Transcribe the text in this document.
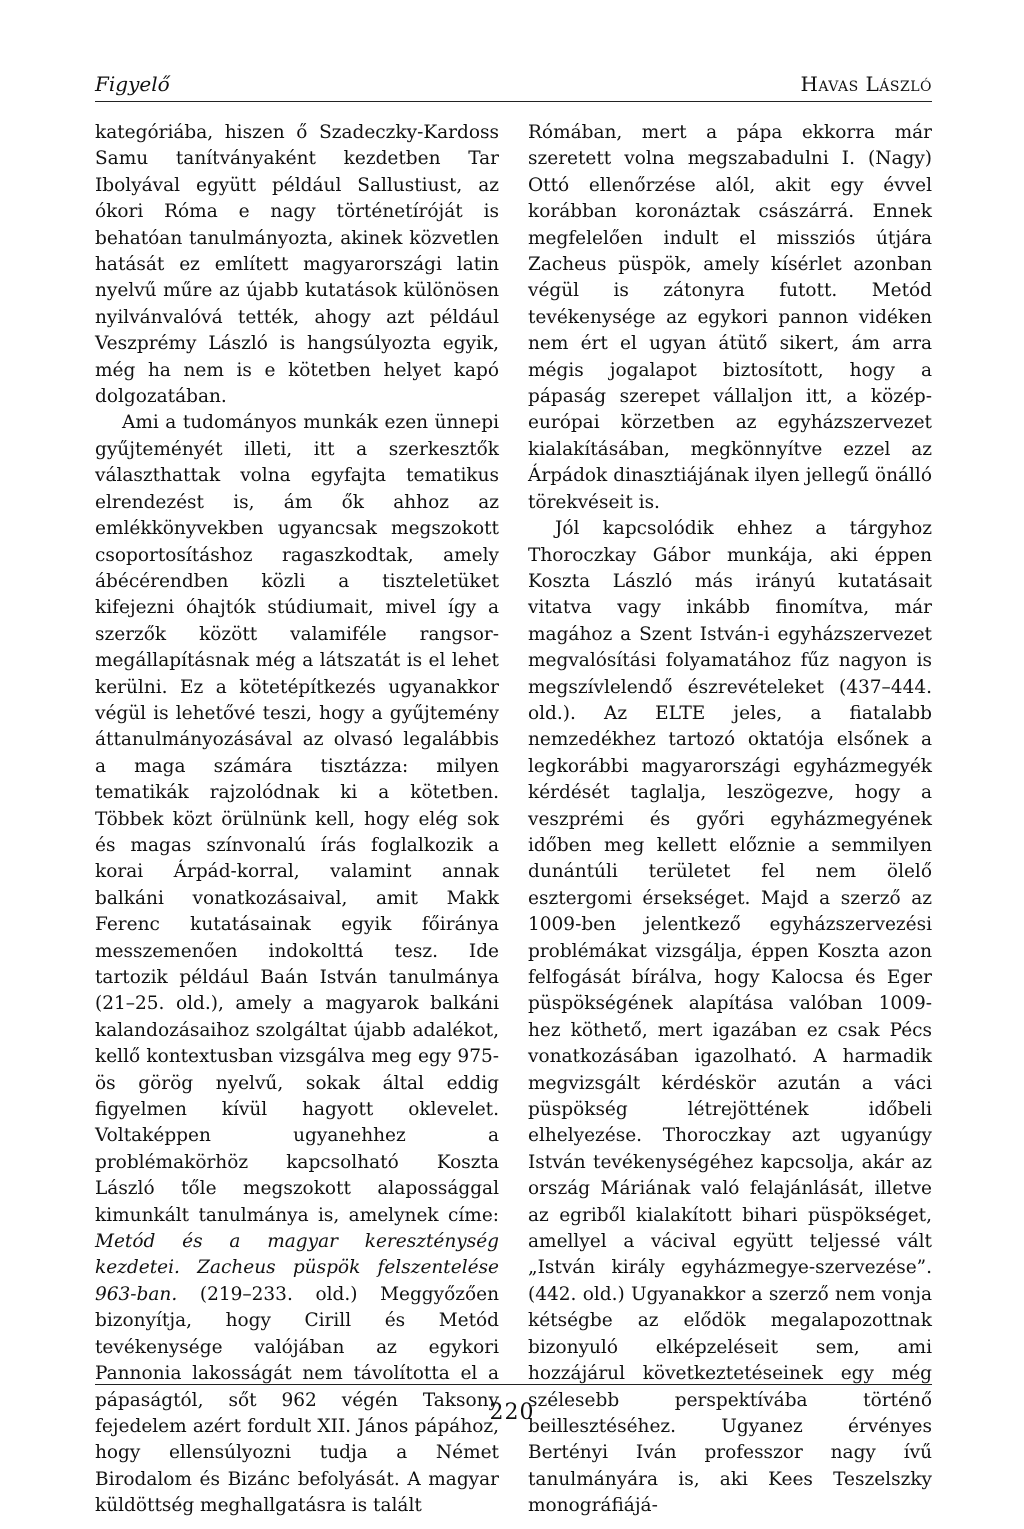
Figyelő	Havas László

kategóriába, hiszen ő Szadeczky-Kardoss Samu tanítványaként kezdetben Tar Ibolyával együtt például Sallustiust, az ókori Róma e nagy történetíróját is behatóan tanulmányozta, akinek közvetlen hatását ez említett magyarországi latin nyelvű műre az újabb kutatások különösen nyilvánvalóvá tették, ahogy azt például Veszprémy László is hangsúlyozta egyik, még ha nem is e kötetben helyet kapó dolgozatában.

Ami a tudományos munkák ezen ünnepi gyűjteményét illeti, itt a szerkesztők választhattak volna egyfajta tematikus elrendezést is, ám ők ahhoz az emlékkönyvekben ugyancsak megszokott csoportosításhoz ragaszkodtak, amely ábécérendben közli a tiszteletüket kifejezni óhajtók stúdiumait, mivel így a szerzők között valamiféle rangsor-megállapításnak még a látszatát is el lehet kerülni. Ez a kötetépítkezés ugyanakkor végül is lehetővé teszi, hogy a gyűjtemény áttanulmányozásával az olvasó legalábbis a maga számára tisztázza: milyen tematikák rajzolódnak ki a kötetben. Többek közt örülnünk kell, hogy elég sok és magas színvonalú írás foglalkozik a korai Árpád-korral, valamint annak balkáni vonatkozásaival, amit Makk Ferenc kutatásainak egyik főiránya messzemenően indokolttá tesz. Ide tartozik például Baán István tanulmánya (21–25. old.), amely a magyarok balkáni kalandozásaihoz szolgáltat újabb adalékot, kellő kontextusban vizsgálva meg egy 975-ös görög nyelvű, sokak által eddig figyelmen kívül hagyott oklevelet. Voltaképpen ugyanehhez a problémakörhöz kapcsolható Koszta László tőle megszokott alapossággal kimunkált tanulmánya is, amelynek címe: Metód és a magyar kereszténység kezdetei. Zacheus püspök felszentelése 963-ban. (219–233. old.) Meggyőzően bizonyítja, hogy Cirill és Metód tevékenysége valójában az egykori Pannonia lakosságát nem távolította el a pápaságtól, sőt 962 végén Taksony fejedelem azért fordult XII. János pápához, hogy ellensúlyozni tudja a Német Birodalom és Bizánc befolyását. A magyar küldöttség meghallgatásra is talált

Rómában, mert a pápa ekkorra már szeretett volna megszabadulni I. (Nagy) Ottó ellenőrzése alól, akit egy évvel korábban koronáztak császárrá. Ennek megfelelően indult el missziós útjára Zacheus püspök, amely kísérlet azonban végül is zátonyra futott. Metód tevékenysége az egykori pannon vidéken nem ért el ugyan átütő sikert, ám arra mégis jogalapot biztosított, hogy a pápaság szerepet vállaljon itt, a közép-európai körzetben az egyházszervezet kialakításában, megkönnyítve ezzel az Árpádok dinasztiájának ilyen jellegű önálló törekvéseit is.

Jól kapcsolódik ehhez a tárgyhoz Thoroczkay Gábor munkája, aki éppen Koszta László más irányú kutatásait vitatva vagy inkább finomítva, már magához a Szent István-i egyházszervezet megvalósítási folyamatához fűz nagyon is megszívlelendő észrevételeket (437–444. old.). Az ELTE jeles, a fiatalabb nemzedékhez tartozó oktatója elsőnek a legkorábbi magyarországi egyházmegyék kérdését taglalja, leszögezve, hogy a veszprémi és győri egyházmegyének időben meg kellett előznie a semmilyen dunántúli területet fel nem ölelő esztergomi érsekséget. Majd a szerző az 1009-ben jelentkező egyházszervezési problémákat vizsgálja, éppen Koszta azon felfogását bírálva, hogy Kalocsa és Eger püspökségének alapítása valóban 1009-hez köthető, mert igazában ez csak Pécs vonatkozásában igazolható. A harmadik megvizsgált kérdéskör azután a váci püspökség létrejöttének időbeli elhelyezése. Thoroczkay azt ugyanúgy István tevékenységéhez kapcsolja, akár az ország Máriának való felajánlását, illetve az egriből kialakított bihari püspökséget, amellyel a vácival együtt teljessé vált „István király egyházmegye-szervezése”. (442. old.) Ugyanakkor a szerző nem vonja kétségbe az elődök megalapozottnak bizonyuló elképzeléseit sem, ami hozzájárul következtetéseinek egy még szélesebb perspektívába történő beillesztéséhez. Ugyanez érvényes Bertényi Iván professzor nagy ívű tanulmányára is, aki Kees Teszelszky monográfiájá-

220
